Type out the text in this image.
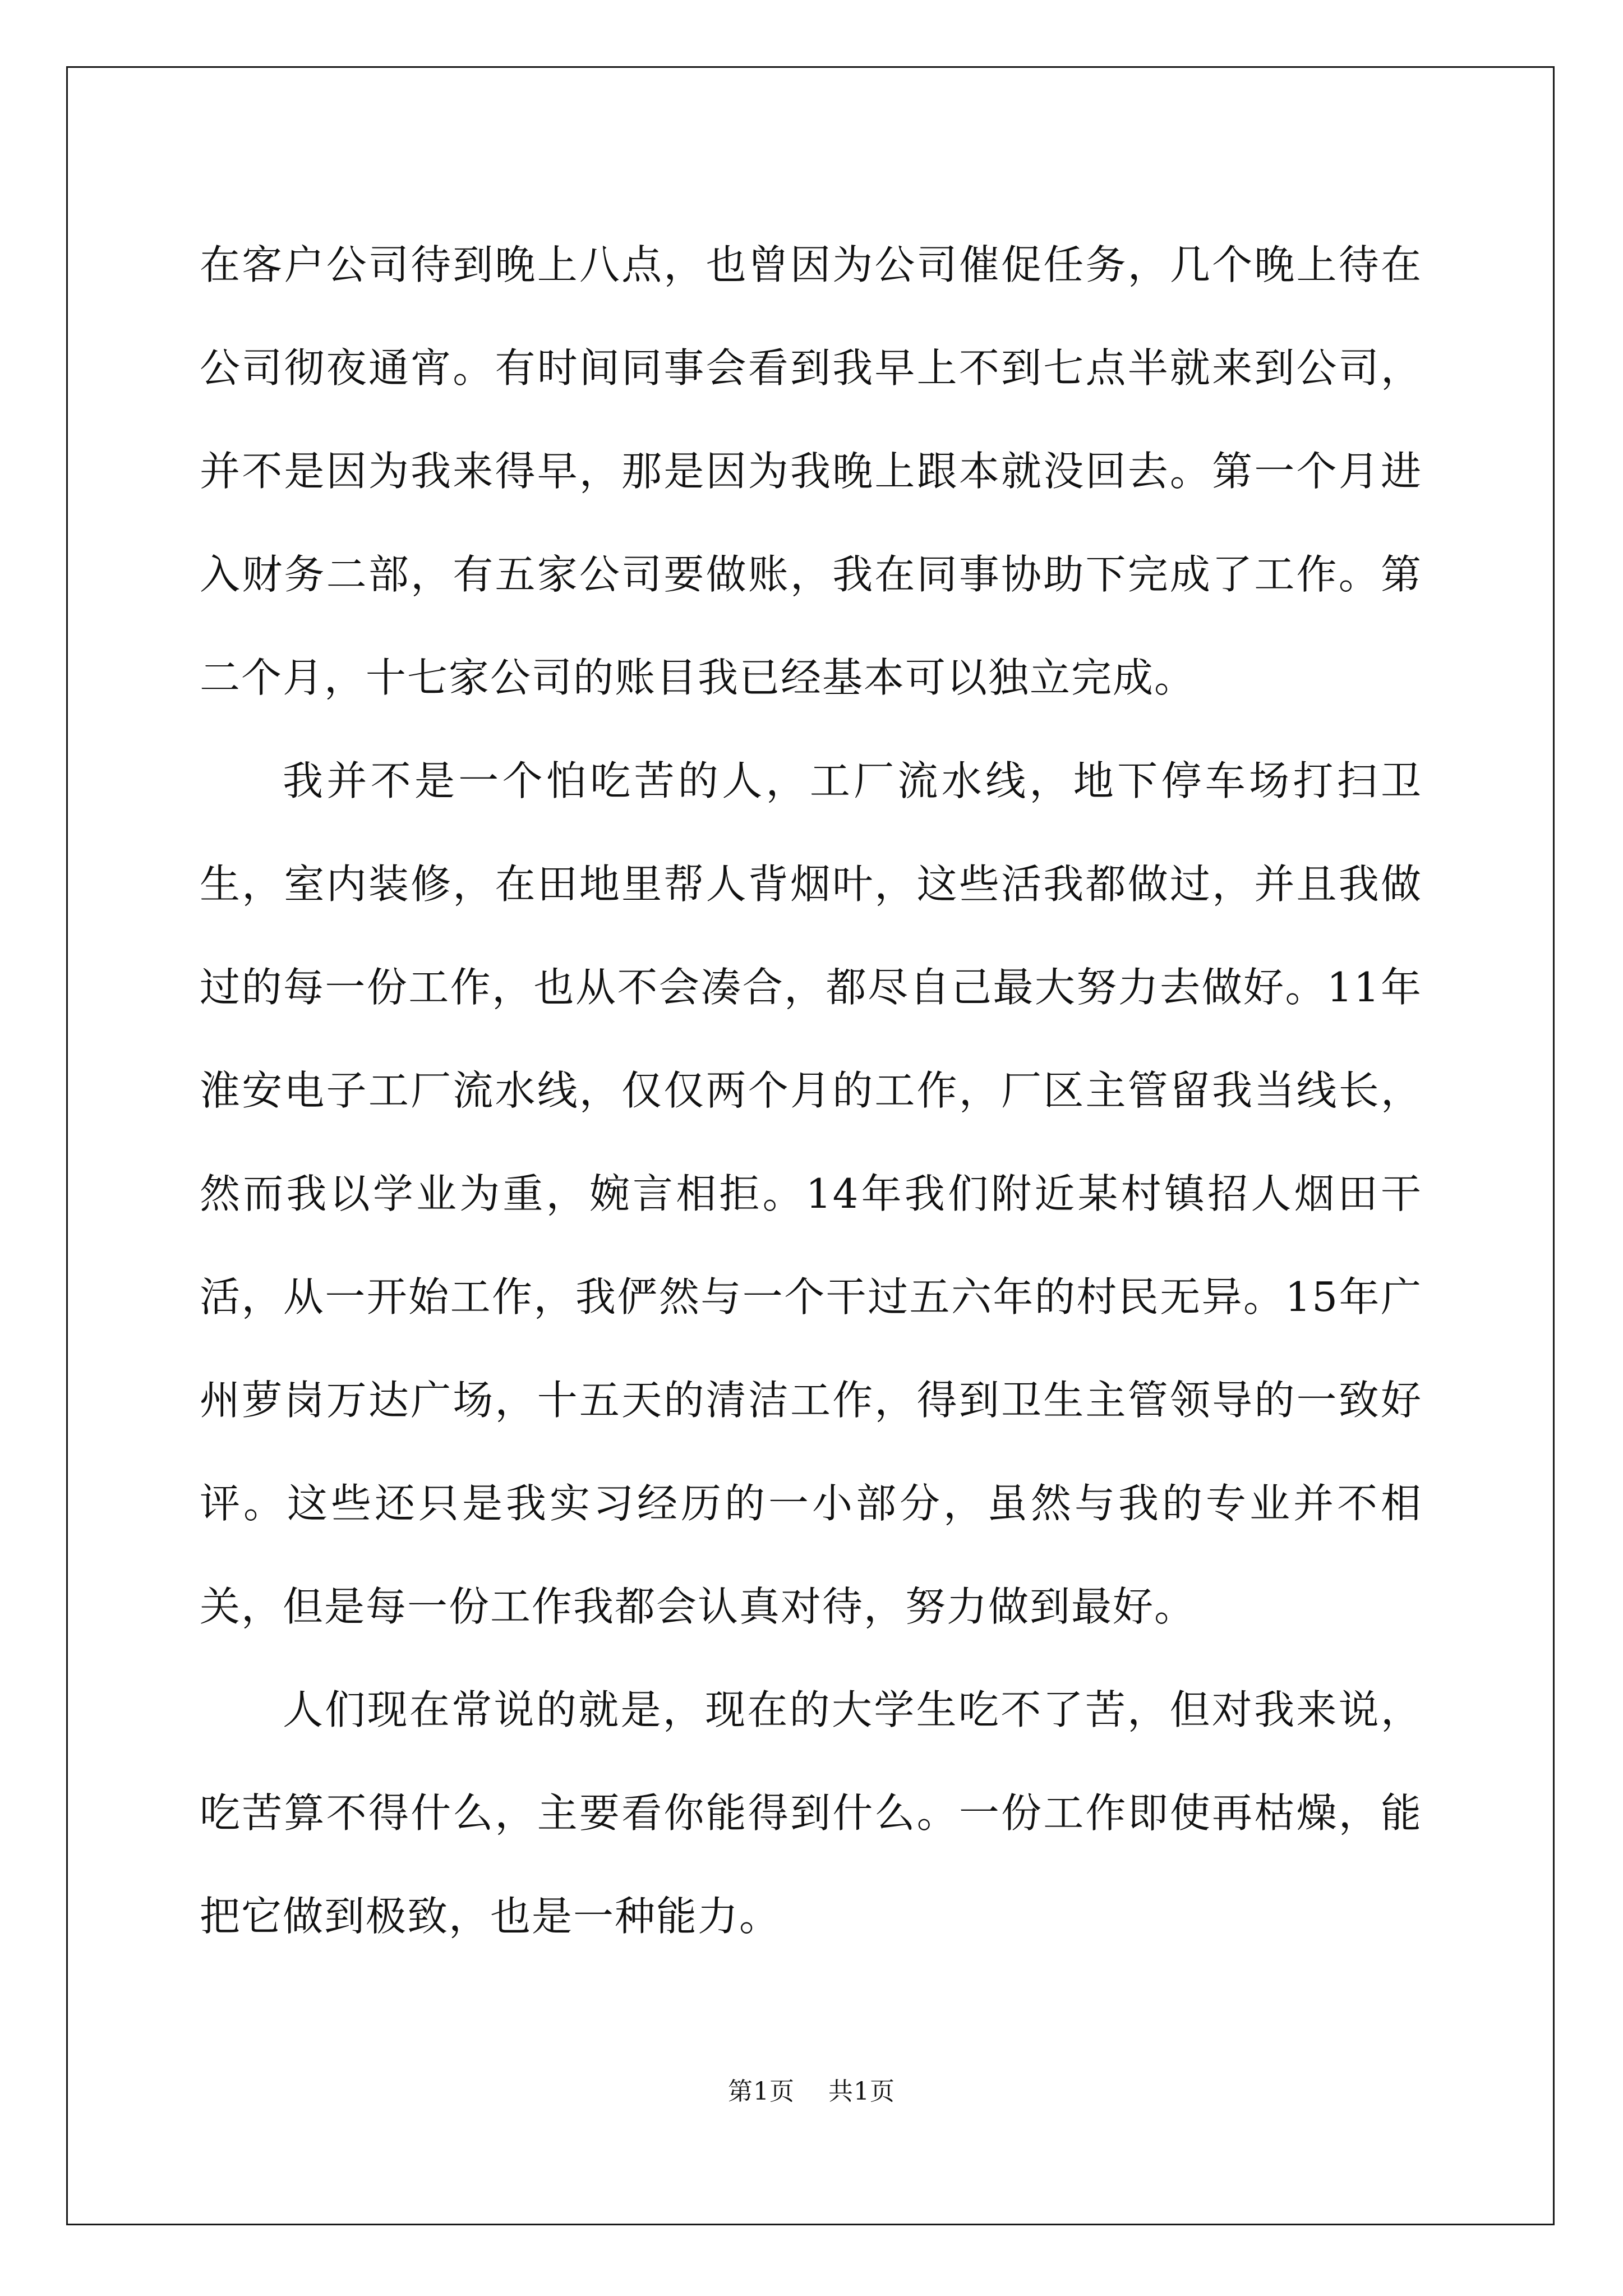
在客户公司待到晚上八点，也曾因为公司催促任务，几个晚上待在公司彻夜通宵。有时间同事会看到我早上不到七点半就来到公司，并不是因为我来得早，那是因为我晚上跟本就没回去。第一个月进入财务二部，有五家公司要做账，我在同事协助下完成了工作。第二个月，十七家公司的账目我已经基本可以独立完成。

我并不是一个怕吃苦的人，工厂流水线，地下停车场打扫卫生，室内装修，在田地里帮人背烟叶，这些活我都做过，并且我做过的每一份工作，也从不会凑合，都尽自己最大努力去做好。11年淮安电子工厂流水线，仅仅两个月的工作，厂区主管留我当线长，然而我以学业为重，婉言相拒。14年我们附近某村镇招人烟田干活，从一开始工作，我俨然与一个干过五六年的村民无异。15年广州萝岗万达广场，十五天的清洁工作，得到卫生主管领导的一致好评。这些还只是我实习经历的一小部分，虽然与我的专业并不相关，但是每一份工作我都会认真对待，努力做到最好。

人们现在常说的就是，现在的大学生吃不了苦，但对我来说，吃苦算不得什么，主要看你能得到什么。一份工作即使再枯燥，能把它做到极致，也是一种能力。

第1页 共1页
